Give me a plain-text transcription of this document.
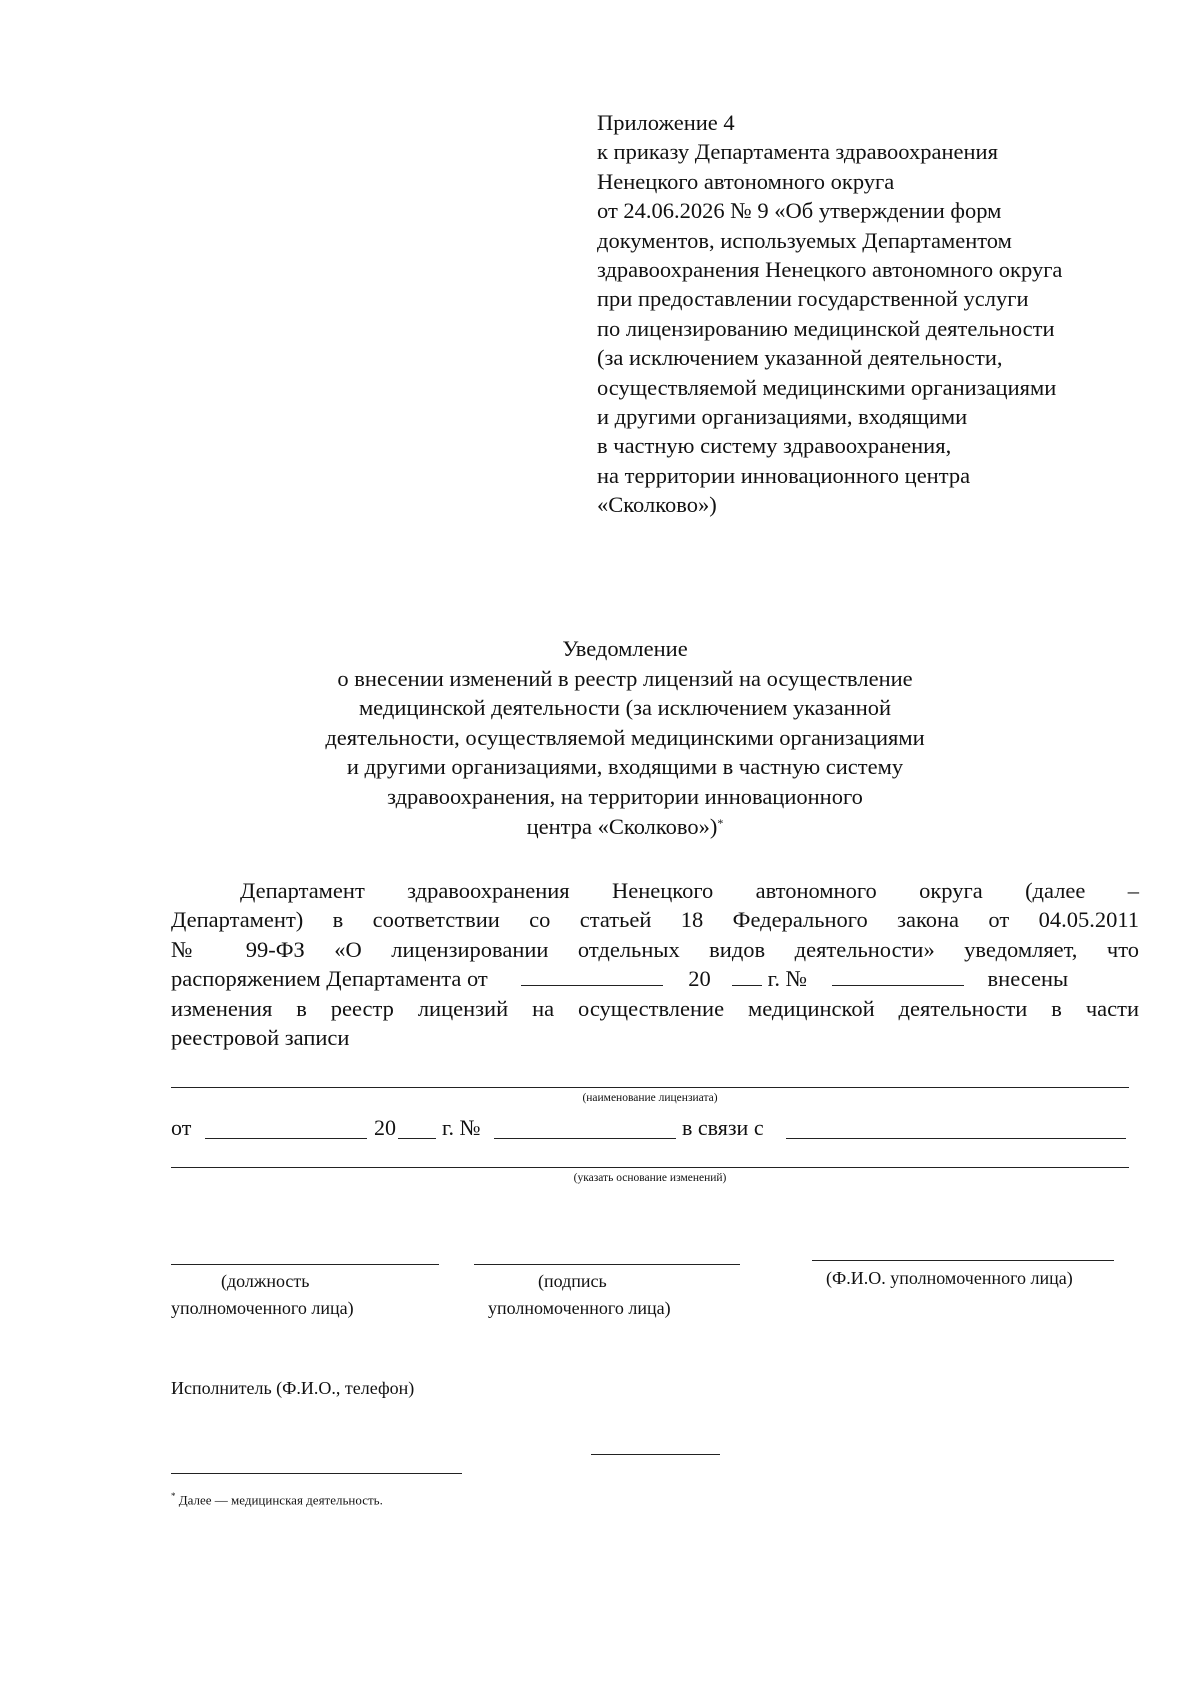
Приложение 4
к приказу Департамента здравоохранения
Ненецкого автономного округа
от 24.06.2026 № 9 «Об утверждении форм
документов, используемых Департаментом
здравоохранения Ненецкого автономного округа
при предоставлении государственной услуги
по лицензированию медицинской деятельности
(за исключением указанной деятельности,
осуществляемой медицинскими организациями
и другими организациями, входящими
в частную систему здравоохранения,
на территории инновационного центра
«Сколково»)
Уведомление
о внесении изменений в реестр лицензий на осуществление
медицинской деятельности (за исключением указанной
деятельности, осуществляемой медицинскими организациями
и другими организациями, входящими в частную систему
здравоохранения, на территории инновационного
центра «Сколково»)*
Департамент здравоохранения Ненецкого автономного округа (далее –
Департамент) в соответствии со статьей 18 Федерального закона от 04.05.2011
№ 99-ФЗ «О лицензировании отдельных видов деятельности» уведомляет, что
распоряжением Департамента от	20	г. №	внесены
изменения в реестр лицензий на осуществление медицинской деятельности в части
реестровой записи
(наименование лицензиата)
от	20 г. №	в связи с
(указать основание изменений)
(должность
уполномоченного лица)
(подпись
уполномоченного лица)
(Ф.И.О. уполномоченного лица)
Исполнитель (Ф.И.О., телефон)
* Далее — медицинская деятельность.
